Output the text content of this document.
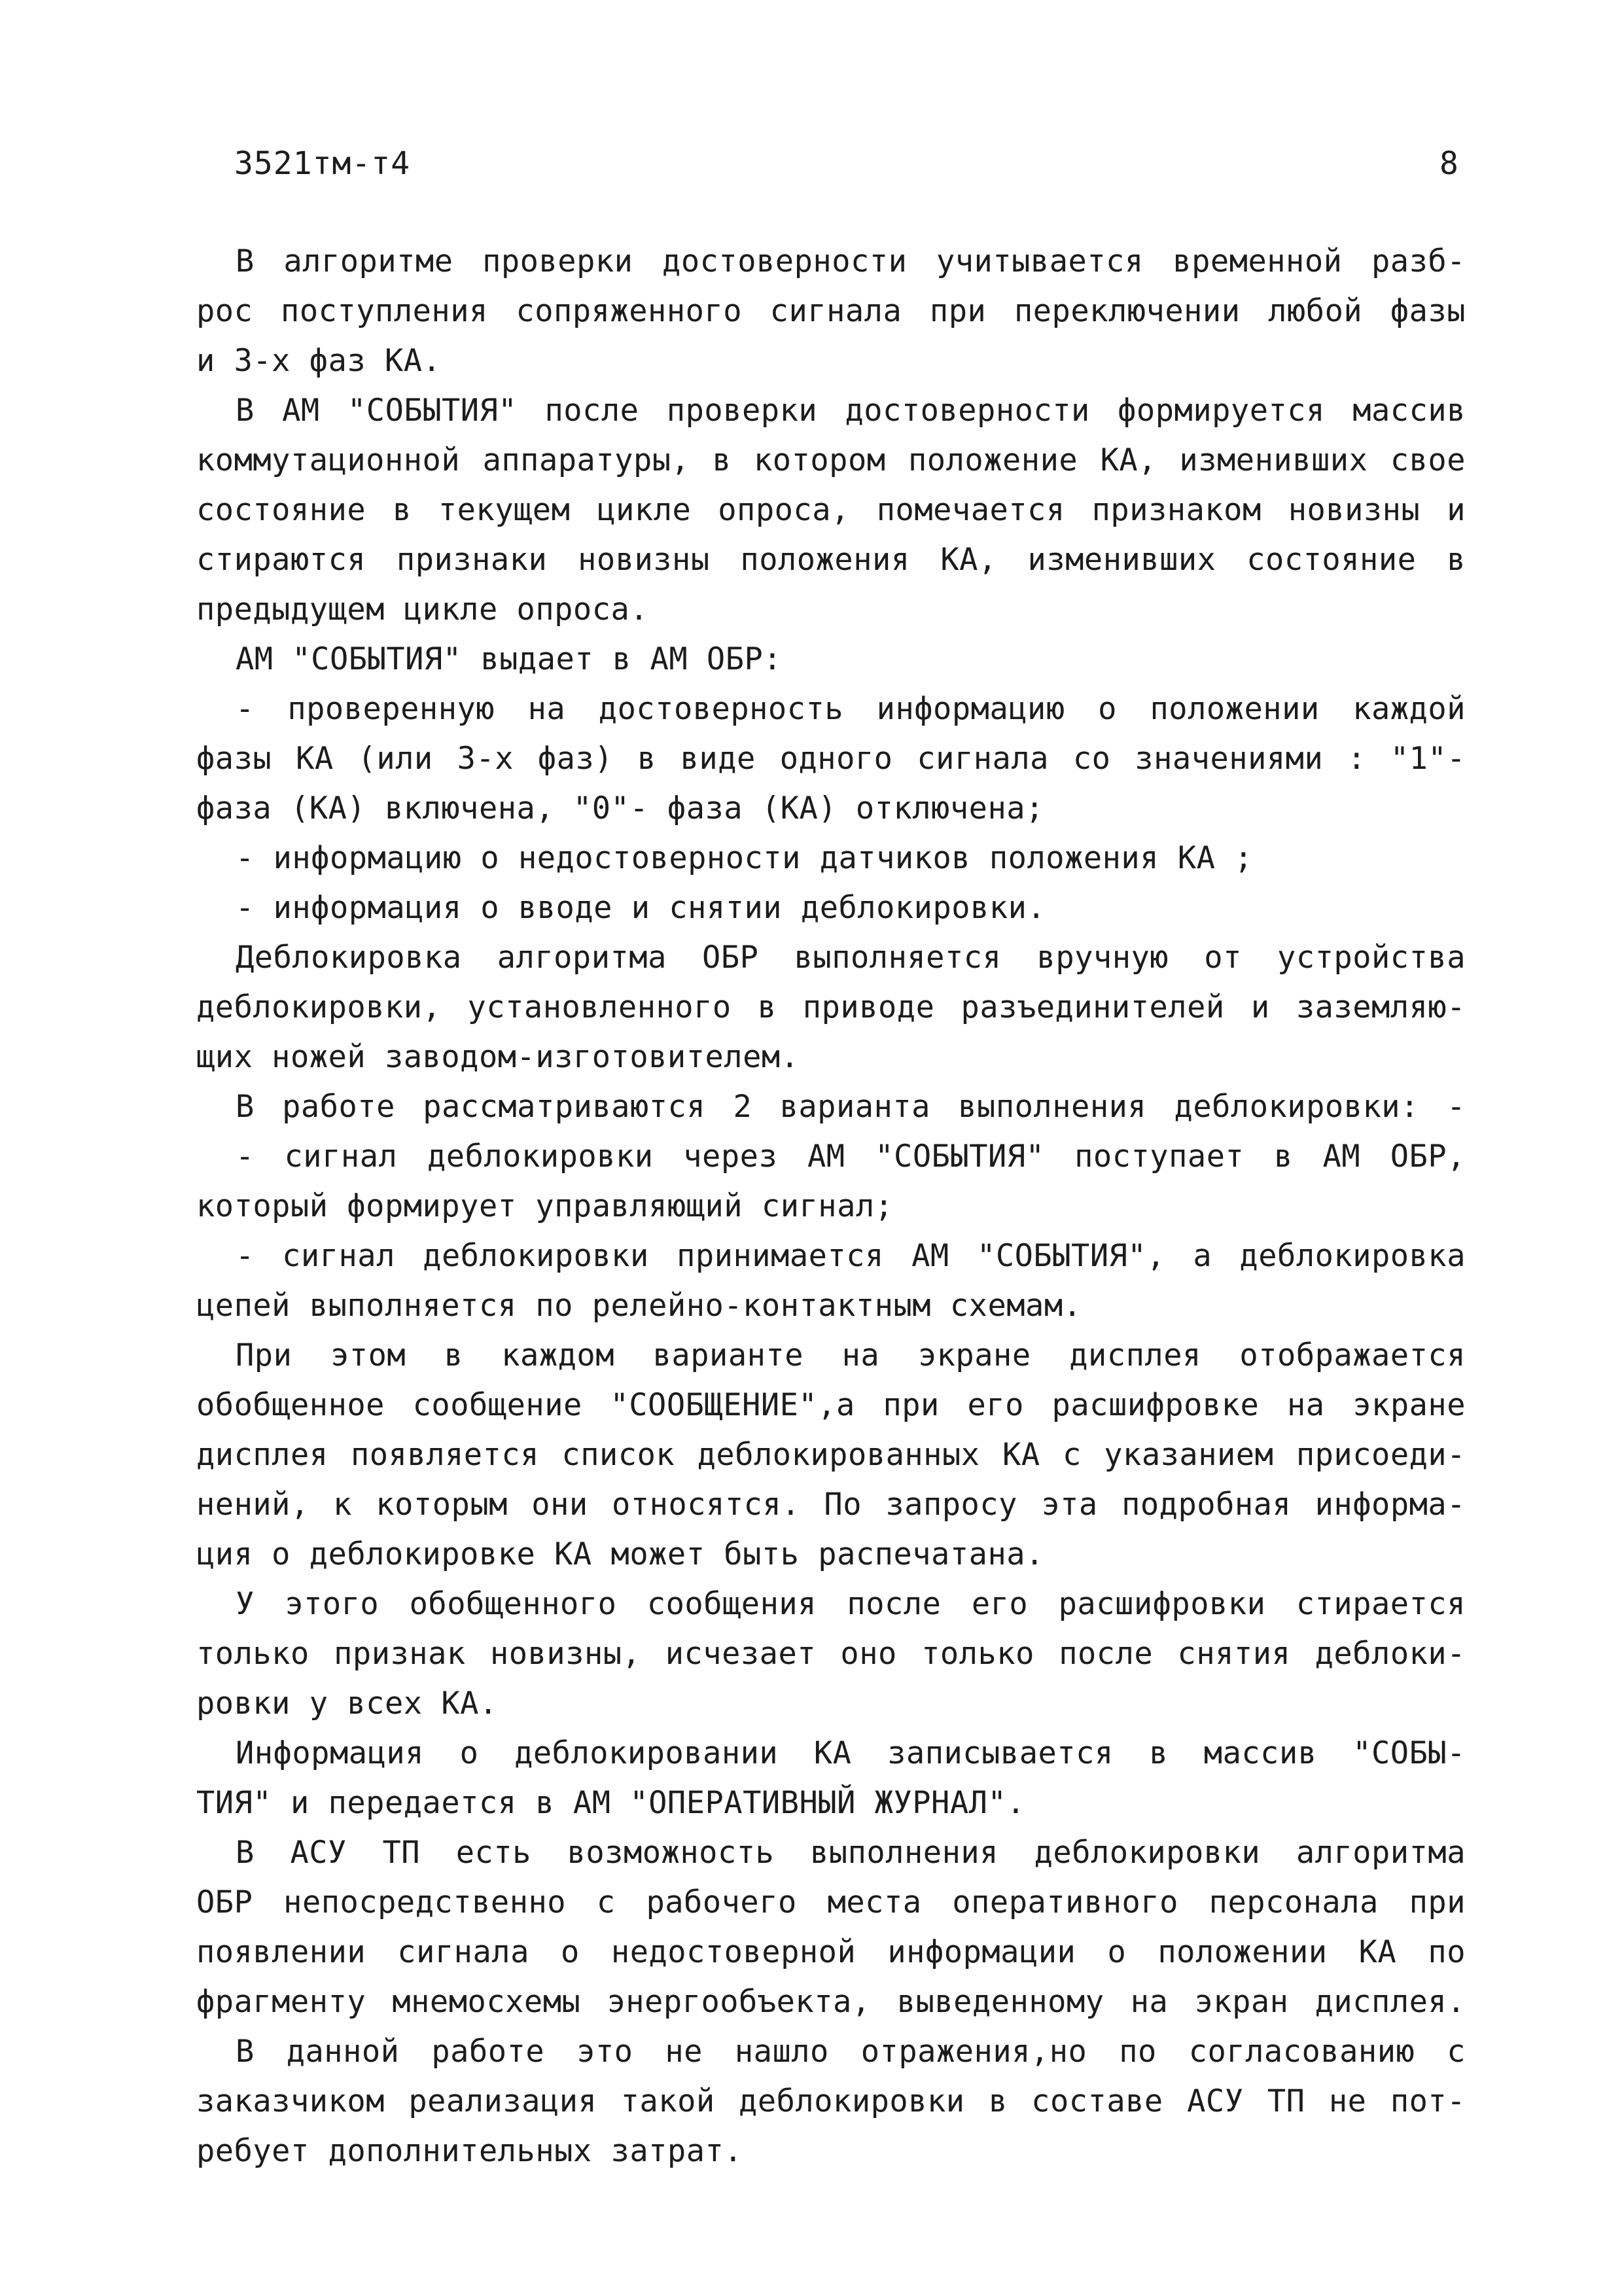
3521тм-т4	8
В алгоритме проверки достоверности учитывается временной разб-
рос поступления сопряженного сигнала при переключении любой фазы
и 3-х фаз КА.
В АМ "СОБЫТИЯ" после проверки достоверности формируется массив
коммутационной аппаратуры, в котором положение КА, изменивших свое
состояние в текущем цикле опроса, помечается признаком новизны и
стираются признаки новизны положения КА, изменивших состояние в
предыдущем цикле опроса.
АМ "СОБЫТИЯ" выдает в АМ ОБР:
- проверенную на достоверность информацию о положении каждой
фазы КА (или 3-х фаз) в виде одного сигнала со значениями : "1"-
фаза (КА) включена, "0"- фаза (КА) отключена;
- информацию о недостоверности датчиков положения КА ;
- информация о вводе и снятии деблокировки.
Деблокировка алгоритма ОБР выполняется вручную от устройства
деблокировки, установленного в приводе разъединителей и заземляю-
щих ножей заводом-изготовителем.
В работе рассматриваются 2 варианта выполнения деблокировки: -
- сигнал деблокировки через АМ "СОБЫТИЯ" поступает в АМ ОБР,
который формирует управляющий сигнал;
- сигнал деблокировки принимается АМ "СОБЫТИЯ", а деблокировка
цепей выполняется по релейно-контактным схемам.
При этом в каждом варианте на экране дисплея отображается
обобщенное сообщение "СООБЩЕНИЕ",а при его расшифровке на экране
дисплея появляется список деблокированных КА с указанием присоеди-
нений, к которым они относятся. По запросу эта подробная информа-
ция о деблокировке КА может быть распечатана.
У этого обобщенного сообщения после его расшифровки стирается
только признак новизны, исчезает оно только после снятия деблоки-
ровки у всех КА.
Информация о деблокировании КА записывается в массив "СОБЫ-
ТИЯ" и передается в АМ "ОПЕРАТИВНЫЙ ЖУРНАЛ".
В АСУ ТП есть возможность выполнения деблокировки алгоритма
ОБР непосредственно с рабочего места оперативного персонала при
появлении сигнала о недостоверной информации о положении КА по
фрагменту мнемосхемы энергообъекта, выведенному на экран дисплея.
В данной работе это не нашло отражения,но по согласованию с
заказчиком реализация такой деблокировки в составе АСУ ТП не пот-
ребует дополнительных затрат.
